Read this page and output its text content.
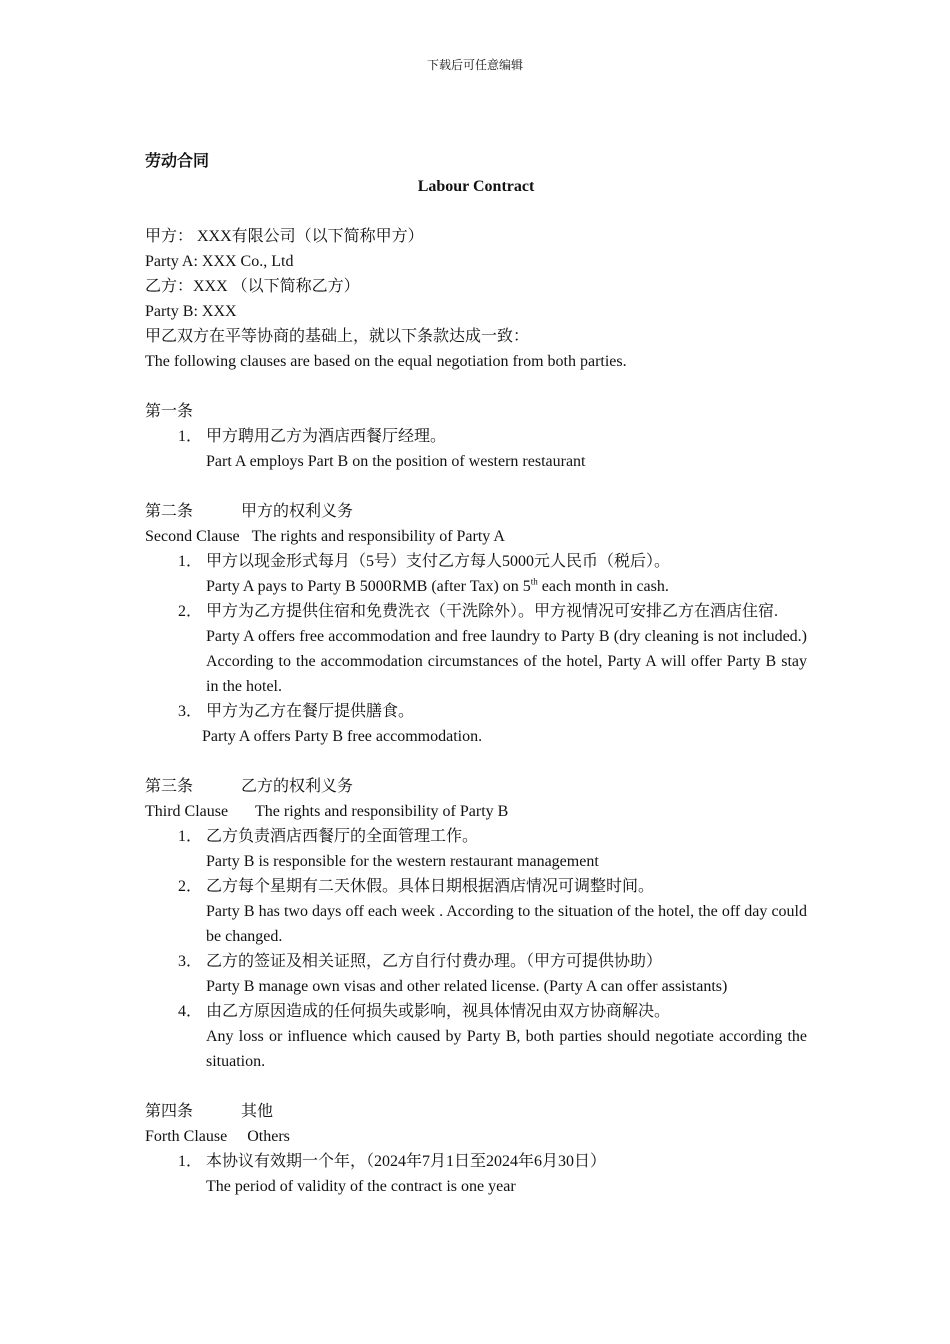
下载后可任意编辑
劳动合同
Labour Contract
甲方： XXX有限公司（以下简称甲方）
Party A: XXX Co., Ltd
乙方：XXX （以下简称乙方）
Party B: XXX
甲乙双方在平等协商的基础上，就以下条款达成一致：
The following clauses are based on the equal negotiation from both parties.
第一条
1． 甲方聘用乙方为酒店西餐厅经理。
Part A employs Part B on the position of western restaurant
第二条	甲方的权利义务
Second Clause The rights and responsibility of Party A
1． 甲方以现金形式每月（5号）支付乙方每人5000元人民币（税后）。
Party A pays to Party B 5000RMB (after Tax) on 5th each month in cash.
2． 甲方为乙方提供住宿和免费洗衣（干洗除外）。甲方视情况可安排乙方在酒店住宿.
Party A offers free accommodation and free laundry to Party B (dry cleaning is not included.) According to the accommodation circumstances of the hotel, Party A will offer Party B stay in the hotel.
3． 甲方为乙方在餐厅提供膳食。
Party A offers Party B free accommodation.
第三条	乙方的权利义务
Third Clause The rights and responsibility of Party B
1． 乙方负责酒店西餐厅的全面管理工作。
Party B is responsible for the western restaurant management
2． 乙方每个星期有二天休假。具体日期根据酒店情况可调整时间。
Party B has two days off each week . According to the situation of the hotel, the off day could be changed.
3． 乙方的签证及相关证照，乙方自行付费办理。（甲方可提供协助）
Party B manage own visas and other related license. (Party A can offer assistants)
4． 由乙方原因造成的任何损失或影响，视具体情况由双方协商解决。
Any loss or influence which caused by Party B, both parties should negotiate according the situation.
第四条	其他
Forth Clause Others
1． 本协议有效期一个年，（2024年7月1日至2024年6月30日）
The period of validity of the contract is one year
